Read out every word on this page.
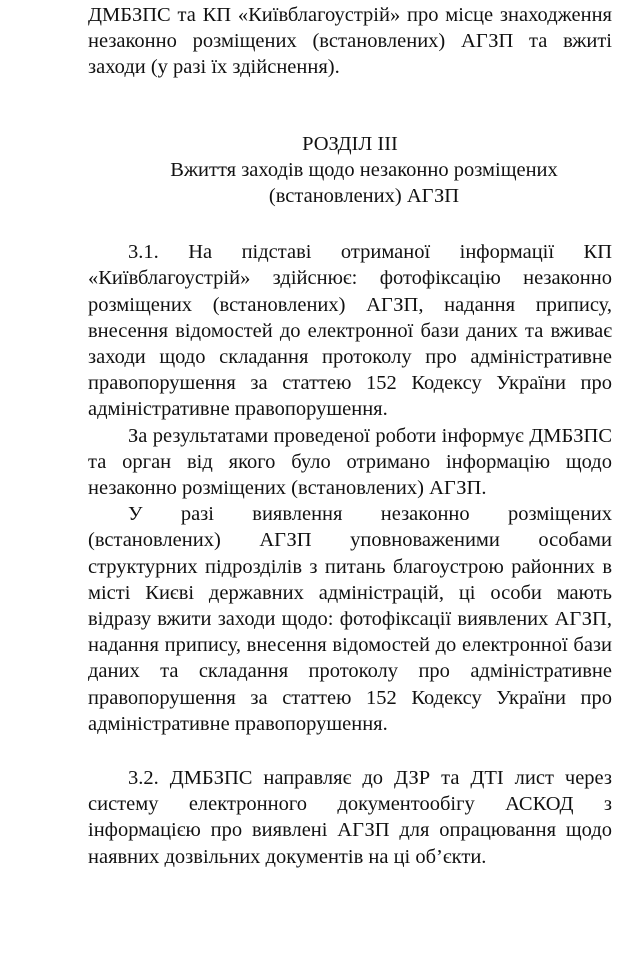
ДМБЗПС та КП «Київблагоустрій» про місце знаходження незаконно розміщених (встановлених) АГЗП та вжиті заходи (у разі їх здійснення).

РОЗДІЛ ІІІ

Вжиття заходів щодо незаконно розміщених

(встановлених) АГЗП

3.1. На підставі отриманої інформації КП «Київблагоустрій» здійснює: фотофіксацію незаконно розміщених (встановлених) АГЗП, надання припису, внесення відомостей до електронної бази даних та вживає заходи щодо складання протоколу про адміністративне правопорушення за статтею 152 Кодексу України про адміністративне правопорушення.

За результатами проведеної роботи інформує ДМБЗПС та орган від якого було отримано інформацію щодо незаконно розміщених (встановлених) АГЗП.

У разі виявлення незаконно розміщених (встановлених) АГЗП уповноваженими особами структурних підрозділів з питань благоустрою районних в місті Києві державних адміністрацій, ці особи мають відразу вжити заходи щодо: фотофіксації виявлених АГЗП, надання припису, внесення відомостей до електронної бази даних та складання протоколу про адміністративне правопорушення за статтею 152 Кодексу України про адміністративне правопорушення.

3.2. ДМБЗПС направляє до ДЗР та ДТІ лист через систему електронного документообігу АСКОД з інформацією про виявлені АГЗП для опрацювання щодо наявних дозвільних документів на ці об’єкти.
